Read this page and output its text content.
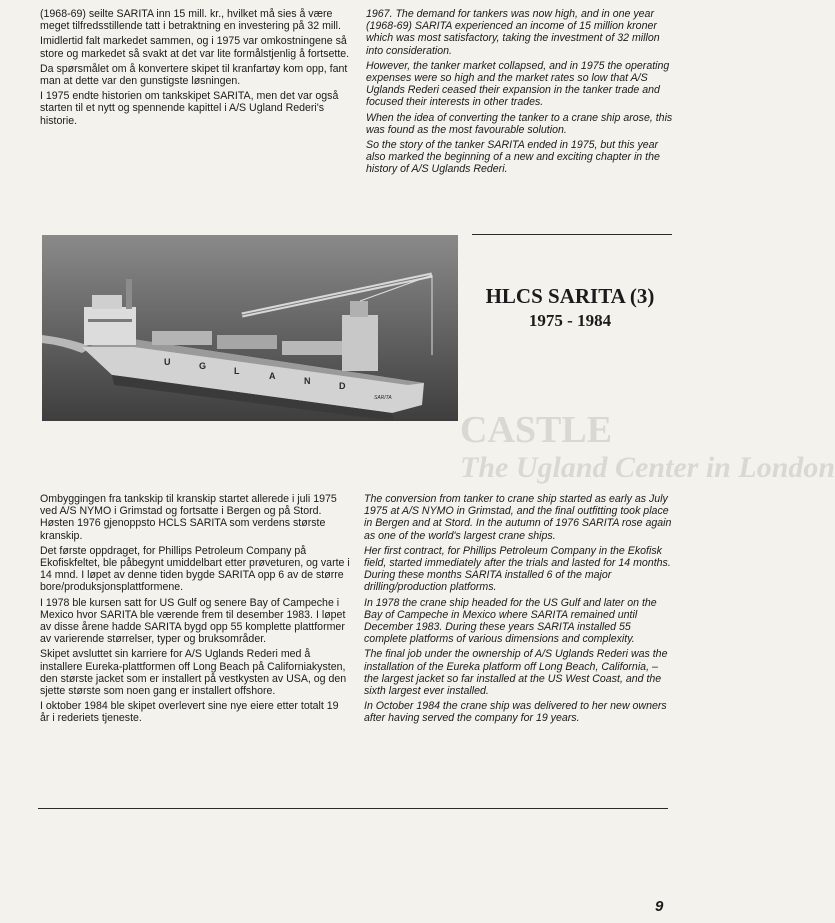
(1968-69) seilte SARITA inn 15 mill. kr., hvilket må sies å være meget tilfredsstillende tatt i betraktning en investering på 32 mill.

Imidlertid falt markedet sammen, og i 1975 var omkostningene så store og markedet så svakt at det var lite formålstjenlig å fortsette.

Da spørsmålet om å konvertere skipet til kranfartøy kom opp, fant man at dette var den gunstigste løsningen.

I 1975 endte historien om tankskipet SARITA, men det var også starten til et nytt og spennende kapittel i A/S Ugland Rederi's historie.

1967. The demand for tankers was now high, and in one year (1968-69) SARITA experienced an income of 15 million kroner which was most satisfactory, taking the investment of 32 millon into consideration.

However, the tanker market collapsed, and in 1975 the operating expenses were so high and the market rates so low that A/S Uglands Rederi ceased their expansion in the tanker trade and focused their interests in other trades.

When the idea of converting the tanker to a crane ship arose, this was found as the most favourable solution.

So the story of the tanker SARITA ended in 1975, but this year also marked the beginning of a new and exciting chapter in the history of A/S Uglands Rederi.

CASTLE
The Ugland Center in London
U	G	L	A	N	D
SARITA
HLCS SARITA (3)
1975 - 1984

Ombyggingen fra tankskip til kranskip startet allerede i juli 1975 ved A/S NYMO i Grimstad og fortsatte i Bergen og på Stord. Høsten 1976 gjenoppsto HCLS SARITA som verdens største kranskip.

Det første oppdraget, for Phillips Petroleum Company på Ekofiskfeltet, ble påbegynt umiddelbart etter prøveturen, og varte i 14 mnd. I løpet av denne tiden bygde SARITA opp 6 av de større bore/produksjonsplattformene.

I 1978 ble kursen satt for US Gulf og senere Bay of Campeche i Mexico hvor SARITA ble værende frem til desember 1983. I løpet av disse årene hadde SARITA bygd opp 55 komplette plattformer av varierende størrelser, typer og bruksområder.

Skipet avsluttet sin karriere for A/S Uglands Rederi med å installere Eureka-plattformen off Long Beach på Californiakysten, den største jacket som er installert på vestkysten av USA, og den sjette største som noen gang er installert offshore.

I oktober 1984 ble skipet overlevert sine nye eiere etter totalt 19 år i rederiets tjeneste.

The conversion from tanker to crane ship started as early as July 1975 at A/S NYMO in Grimstad, and the final outfitting took place in Bergen and at Stord. In the autumn of 1976 SARITA rose again as one of the world's largest crane ships.

Her first contract, for Phillips Petroleum Company in the Ekofisk field, started immediately after the trials and lasted for 14 months. During these months SARITA installed 6 of the major drilling/production platforms.

In 1978 the crane ship headed for the US Gulf and later on the Bay of Campeche in Mexico where SARITA remained until December 1983. During these years SARITA installed 55 complete platforms of various dimensions and complexity.

The final job under the ownership of A/S Uglands Rederi was the installation of the Eureka platform off Long Beach, California, – the largest jacket so far installed at the US West Coast, and the sixth largest ever installed.

In October 1984 the crane ship was delivered to her new owners after having served the company for 19 years.

9
